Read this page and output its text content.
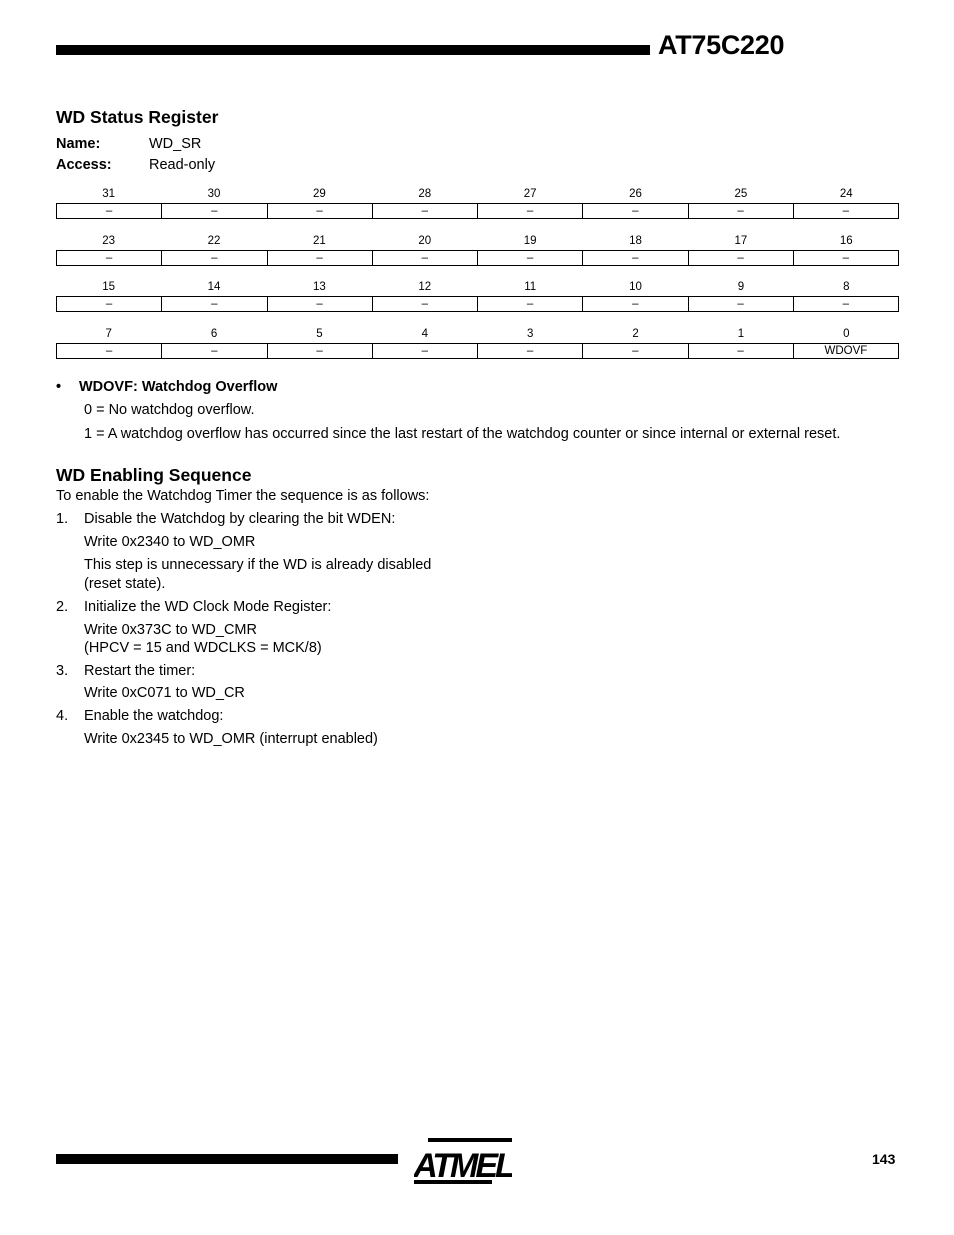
AT75C220
WD Status Register
Name:	WD_SR
Access:	Read-only
31	30	29	28	27	26	25	24
–	–	–	–	–	–	–	–
23	22	21	20	19	18	17	16
–	–	–	–	–	–	–	–
15	14	13	12	11	10	9	8
–	–	–	–	–	–	–	–
7	6	5	4	3	2	1	0
–	–	–	–	–	–	–	WDOVF
• WDOVF: Watchdog Overflow
0 = No watchdog overflow.
1 = A watchdog overflow has occurred since the last restart of the watchdog counter or since internal or external reset.
WD Enabling Sequence
To enable the Watchdog Timer the sequence is as follows:
1. Disable the Watchdog by clearing the bit WDEN:
Write 0x2340 to WD_OMR
This step is unnecessary if the WD is already disabled
(reset state).
2. Initialize the WD Clock Mode Register:
Write 0x373C to WD_CMR
(HPCV = 15 and WDCLKS = MCK/8)
3. Restart the timer:
Write 0xC071 to WD_CR
4. Enable the watchdog:
Write 0x2345 to WD_OMR (interrupt enabled)
ATMEL	143
